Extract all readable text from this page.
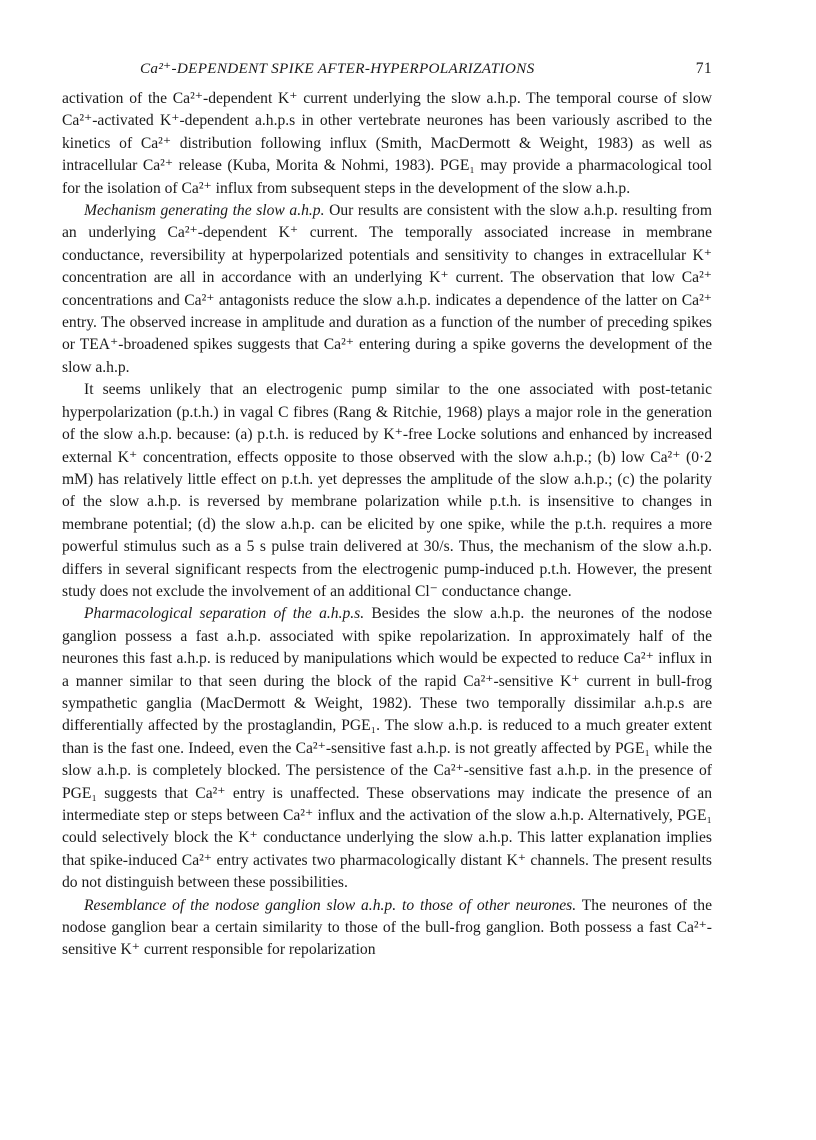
Ca²⁺-DEPENDENT SPIKE AFTER-HYPERPOLARIZATIONS	71

activation of the Ca²⁺-dependent K⁺ current underlying the slow a.h.p. The temporal course of slow Ca²⁺-activated K⁺-dependent a.h.p.s in other vertebrate neurones has been variously ascribed to the kinetics of Ca²⁺ distribution following influx (Smith, MacDermott & Weight, 1983) as well as intracellular Ca²⁺ release (Kuba, Morita & Nohmi, 1983). PGE₁ may provide a pharmacological tool for the isolation of Ca²⁺ influx from subsequent steps in the development of the slow a.h.p.

Mechanism generating the slow a.h.p. Our results are consistent with the slow a.h.p. resulting from an underlying Ca²⁺-dependent K⁺ current. The temporally associated increase in membrane conductance, reversibility at hyperpolarized potentials and sensitivity to changes in extracellular K⁺ concentration are all in accordance with an underlying K⁺ current. The observation that low Ca²⁺ concentrations and Ca²⁺ antagonists reduce the slow a.h.p. indicates a dependence of the latter on Ca²⁺ entry. The observed increase in amplitude and duration as a function of the number of preceding spikes or TEA⁺-broadened spikes suggests that Ca²⁺ entering during a spike governs the development of the slow a.h.p.

It seems unlikely that an electrogenic pump similar to the one associated with post-tetanic hyperpolarization (p.t.h.) in vagal C fibres (Rang & Ritchie, 1968) plays a major role in the generation of the slow a.h.p. because: (a) p.t.h. is reduced by K⁺-free Locke solutions and enhanced by increased external K⁺ concentration, effects opposite to those observed with the slow a.h.p.; (b) low Ca²⁺ (0·2 mM) has relatively little effect on p.t.h. yet depresses the amplitude of the slow a.h.p.; (c) the polarity of the slow a.h.p. is reversed by membrane polarization while p.t.h. is insensitive to changes in membrane potential; (d) the slow a.h.p. can be elicited by one spike, while the p.t.h. requires a more powerful stimulus such as a 5 s pulse train delivered at 30/s. Thus, the mechanism of the slow a.h.p. differs in several significant respects from the electrogenic pump-induced p.t.h. However, the present study does not exclude the involvement of an additional Cl⁻ conductance change.

Pharmacological separation of the a.h.p.s. Besides the slow a.h.p. the neurones of the nodose ganglion possess a fast a.h.p. associated with spike repolarization. In approximately half of the neurones this fast a.h.p. is reduced by manipulations which would be expected to reduce Ca²⁺ influx in a manner similar to that seen during the block of the rapid Ca²⁺-sensitive K⁺ current in bull-frog sympathetic ganglia (MacDermott & Weight, 1982). These two temporally dissimilar a.h.p.s are differentially affected by the prostaglandin, PGE₁. The slow a.h.p. is reduced to a much greater extent than is the fast one. Indeed, even the Ca²⁺-sensitive fast a.h.p. is not greatly affected by PGE₁ while the slow a.h.p. is completely blocked. The persistence of the Ca²⁺-sensitive fast a.h.p. in the presence of PGE₁ suggests that Ca²⁺ entry is unaffected. These observations may indicate the presence of an intermediate step or steps between Ca²⁺ influx and the activation of the slow a.h.p. Alternatively, PGE₁ could selectively block the K⁺ conductance underlying the slow a.h.p. This latter explanation implies that spike-induced Ca²⁺ entry activates two pharmacologically distant K⁺ channels. The present results do not distinguish between these possibilities.

Resemblance of the nodose ganglion slow a.h.p. to those of other neurones. The neurones of the nodose ganglion bear a certain similarity to those of the bull-frog ganglion. Both possess a fast Ca²⁺-sensitive K⁺ current responsible for repolarization
